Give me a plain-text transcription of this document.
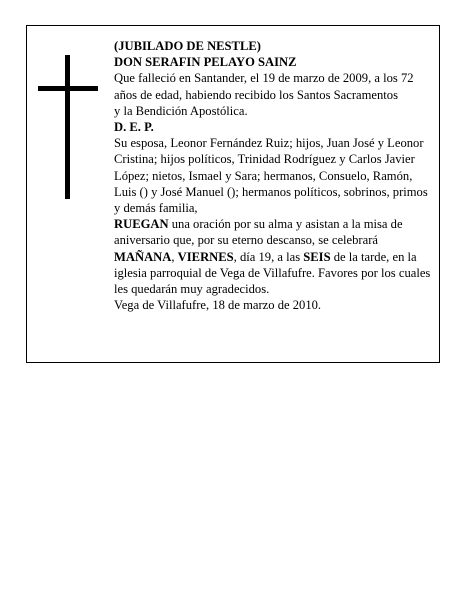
(JUBILADO DE NESTLE)

DON SERAFIN PELAYO SAINZ

Que falleció en Santander, el 19 de marzo de 2009, a los 72 años de edad, habiendo recibido los Santos Sacramentos

y la Bendición Apostólica.

D. E. P.

Su esposa, Leonor Fernández Ruiz; hijos, Juan José y Leonor Cristina; hijos políticos, Trinidad Rodríguez y Carlos Javier López; nietos, Ismael y Sara; hermanos, Consuelo, Ramón, Luis () y José Manuel (); hermanos políticos, sobrinos, primos y demás familia,

RUEGAN una oración por su alma y asistan a la misa de aniversario que, por su eterno descanso, se celebrará MAÑANA, VIERNES, día 19, a las SEIS de la tarde, en la iglesia parroquial de Vega de Villafufre. Favores por los cuales les quedarán muy agradecidos.

Vega de Villafufre, 18 de marzo de 2010.
